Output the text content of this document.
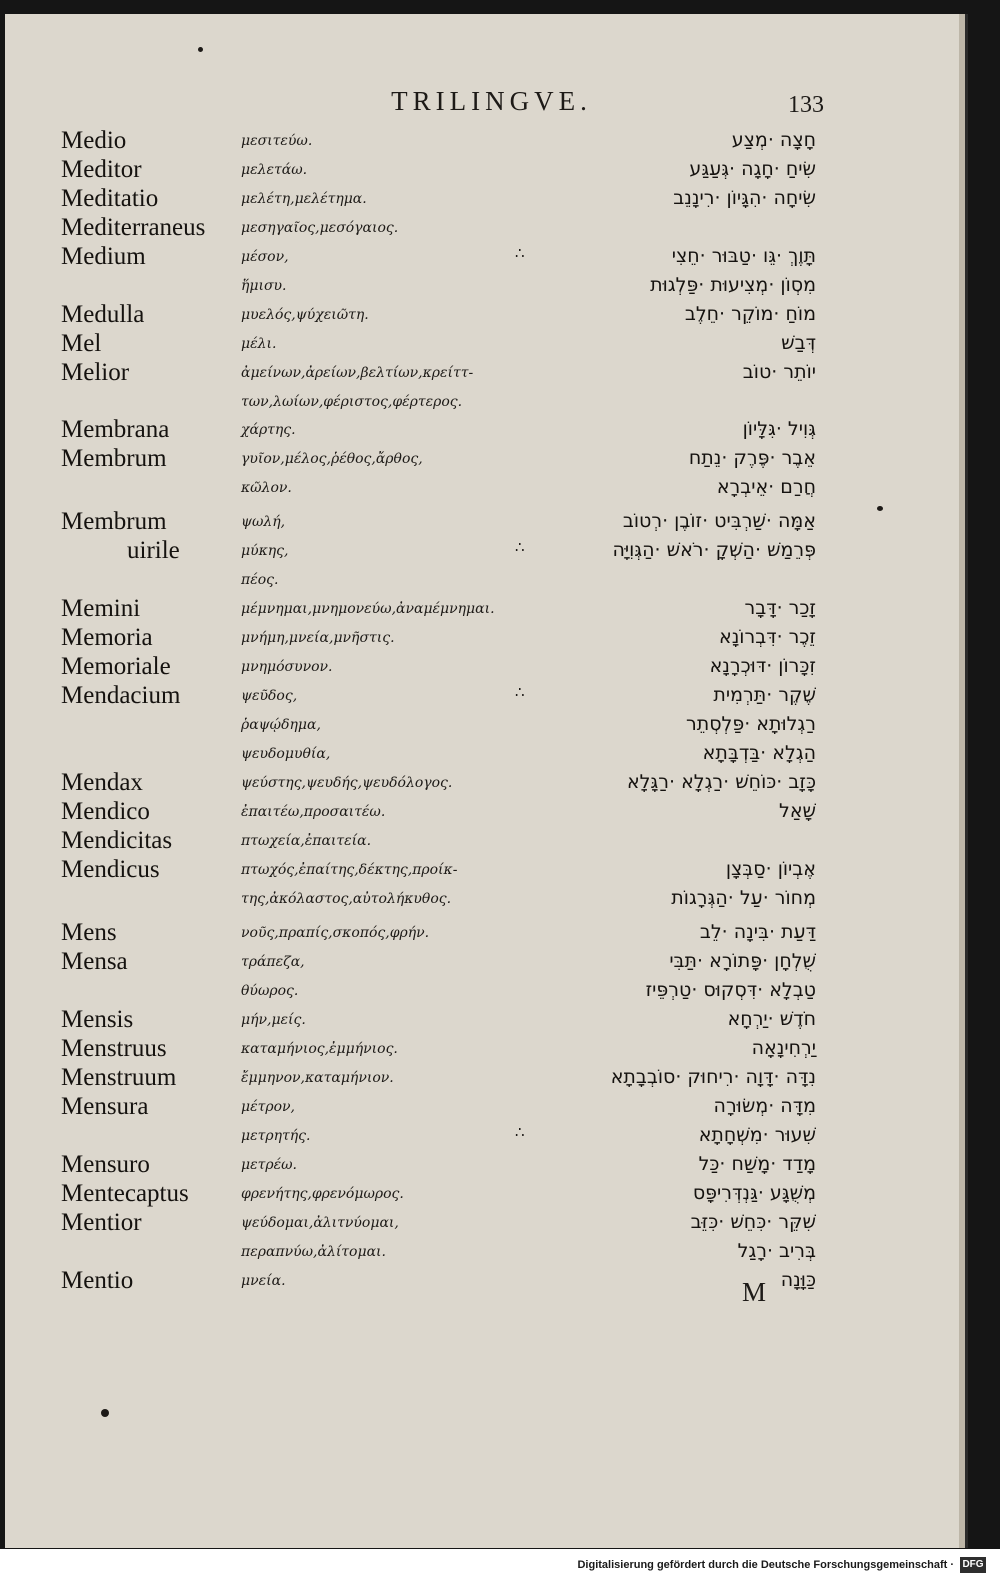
TRILINGVE.	133
Medio	μεσιτεύω.	חָצָה ·מְצַע
Meditor	μελετάω.	שִׂיחַ ·חָגָה ·גְּעַגַּע
Meditatio	μελέτη,μελέτημα.	שִׂיחָה ·הִגָּיוֹן ·רִינָנֵב
Mediterraneus	μεσηγαῖος,μεσόγαιος.
Medium	μέσον,	∴	תָּוֶךְ ·גֵּו ·טַבּוּר ·חֵצִי
ἥμισυ.	מִסְוֹן ·מְצִיעוּת ·פַּלְגוּת
Medulla	μυελός,ψύχειῶτη.	מוֹחַ ·מוֹקֵר ·חֵלֶב
Mel	μέλι.	דְּבַשׁ
Melior	ἀμείνων,ἀρείων,βελτίων,κρείττ-	יוֹתֵר ·טוֹב
των,λωίων,φέριστος,φέρτερος.
Membrana	χάρτης.	גְּוִיל ·גִּלָּיוֹן
Membrum	γυῖον,μέλος,ῥέθος,ἄρθος,	אֵבֶר ·פֶּרֶק ·נֵתַח
κῶλον.	חֲרַם ·אֵיבְרָא
Membrum	ψωλή,	אַמָּה ·שַׁרְבִּיט ·זוֹבֶן ·רְטוֹב
uirile	μύκης,	∴	פְּרֵמַשׁ ·הַשְׁקָ ·רֹאשׁ ·הַגְּוִיָּה
πέος.
Memini	μέμνημαι,μνημονεύω,ἀναμέμνημαι.	זָכַר ·דָּבָר
Memoria	μνήμη,μνεία,μνῆστις.	זֵכֶר ·דִּבְרוֹנָא
Memoriale	μνημόσυνον.	זִכָּרוֹן ·דּוּכְרָנָא
Mendacium	ψεῦδος,	∴	שֶׁקֶר ·תַּרְמִית
ῥαψῴδημα,	רַגְלוּתָא ·פַּלְסְתֵר
ψευδομυθία,	הַגְלָא ·בַּדְבָּתָא
Mendax	ψεύστης,ψευδής,ψευδόλογος.	כָּזָב ·כּוֹחֵשׁ ·רַגְלָא ·רַגָּלָא
Mendico	ἐπαιτέω,προσαιτέω.	שָׁאַל
Mendicitas	πτωχεία,ἐπαιτεία.
Mendicus	πτωχός,ἐπαίτης,δέκτης,προίκ-	אֶבְיוֹן ·סַבְּצָן
της,ἀκόλαστος,αὐτολήκυθος.	מְחוֹר ·עַל ·הַגְּרָגוֹת
Mens	νοῦς,πραπίς,σκοπός,φρήν.	דַּעַת ·בִּינָה ·לֵב
Mensa	τράπεζα,	שֻׁלְחָן ·פָּתוֹרָא ·תַּבִּי
θύωρος.	טַבְלָא ·דִּסְקוּס ·טַרְפֵּיז
Mensis	μήν,μείς.	חֹדֶשׁ ·יַרְחָא
Menstruus	καταμήνιος,ἐμμήνιος.	יַרְחִינָאָה
Menstruum	ἔμμηνον,καταμήνιον.	נִדָּה ·דָּוָה ·רִיחוּק ·סוֹבְבָתָא
Mensura	μέτρον,	מִדָּה ·מְשׂוּרָה
μετρητής.	∴	שִׁעוּר ·מִשְׁחָתָא
Mensuro	μετρέω.	מָדַד ·מָשַׁח ·כַּל
Mentecaptus	φρενήτης,φρενόμωρος.	מְשֻׁגָּע ·גַּנְדְּרִיפָּס
Mentior	ψεύδομαι,ἀλιτνύομαι,	שִׁקֵּר ·כִּחֵשׁ ·כִּזֵּב
περαπνύω,ἀλίτομαι.	בְּרִיב ·רָגַל
Mentio	μνεία.	כַּוָּנָה
M
Digitalisierung gefördert durch die Deutsche Forschungsgemeinschaft · DFG
